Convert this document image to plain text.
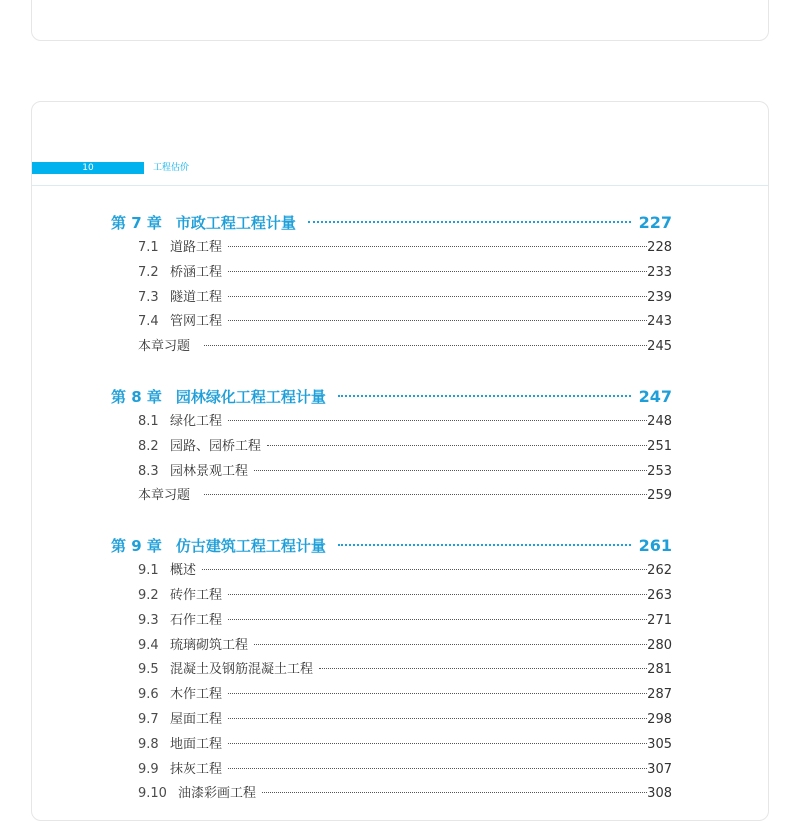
10	工程估价
第 7 章 市政工程工程计量	227
7.1 道路工程	228
7.2 桥涵工程	233
7.3 隧道工程	239
7.4 管网工程	243
本章习题	245
第 8 章 园林绿化工程工程计量	247
8.1 绿化工程	248
8.2 园路、园桥工程	251
8.3 园林景观工程	253
本章习题	259
第 9 章 仿古建筑工程工程计量	261
9.1 概述	262
9.2 砖作工程	263
9.3 石作工程	271
9.4 琉璃砌筑工程	280
9.5 混凝土及钢筋混凝土工程	281
9.6 木作工程	287
9.7 屋面工程	298
9.8 地面工程	305
9.9 抹灰工程	307
9.10 油漆彩画工程	308
